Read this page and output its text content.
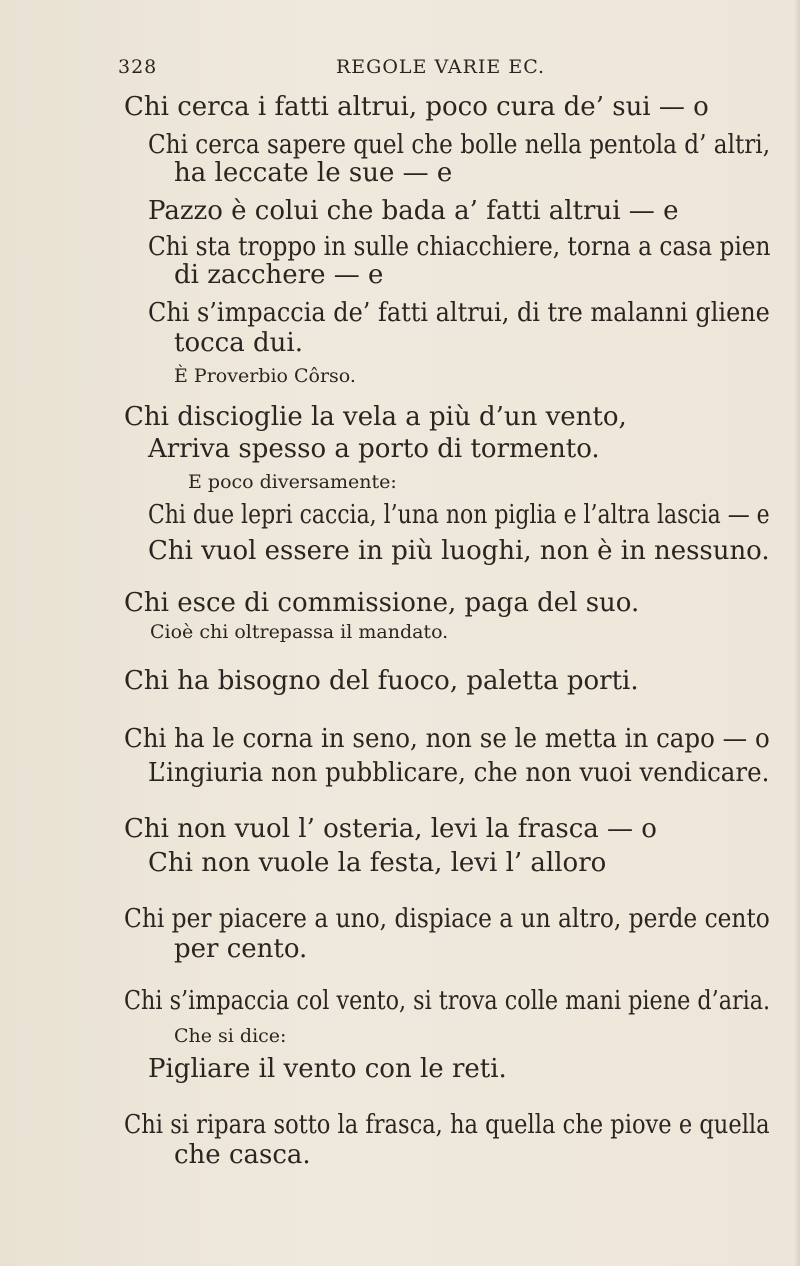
328	REGOLE VARIE EC.
Chi cerca i fatti altrui, poco cura de’ sui — o
Chi cerca sapere quel che bolle nella pentola d’ altri,
ha leccate le sue — e
Pazzo è colui che bada a’ fatti altrui — e
Chi sta troppo in sulle chiacchiere, torna a casa pien
di zacchere — e
Chi s’impaccia de’ fatti altrui, di tre malanni gliene
tocca dui.
È Proverbio Côrso.
Chi discioglie la vela a più d’un vento,
Arriva spesso a porto di tormento.
E poco diversamente:
Chi due lepri caccia, l’una non piglia e l’altra lascia — e
Chi vuol essere in più luoghi, non è in nessuno.
Chi esce di commissione, paga del suo.
Cioè chi oltrepassa il mandato.
Chi ha bisogno del fuoco, paletta porti.
Chi ha le corna in seno, non se le metta in capo — o
L’ingiuria non pubblicare, che non vuoi vendicare.
Chi non vuol l’ osteria, levi la frasca — o
Chi non vuole la festa, levi l’ alloro
Chi per piacere a uno, dispiace a un altro, perde cento
per cento.
Chi s’impaccia col vento, si trova colle mani piene d’aria.
Che si dice:
Pigliare il vento con le reti.
Chi si ripara sotto la frasca, ha quella che piove e quella
che casca.
